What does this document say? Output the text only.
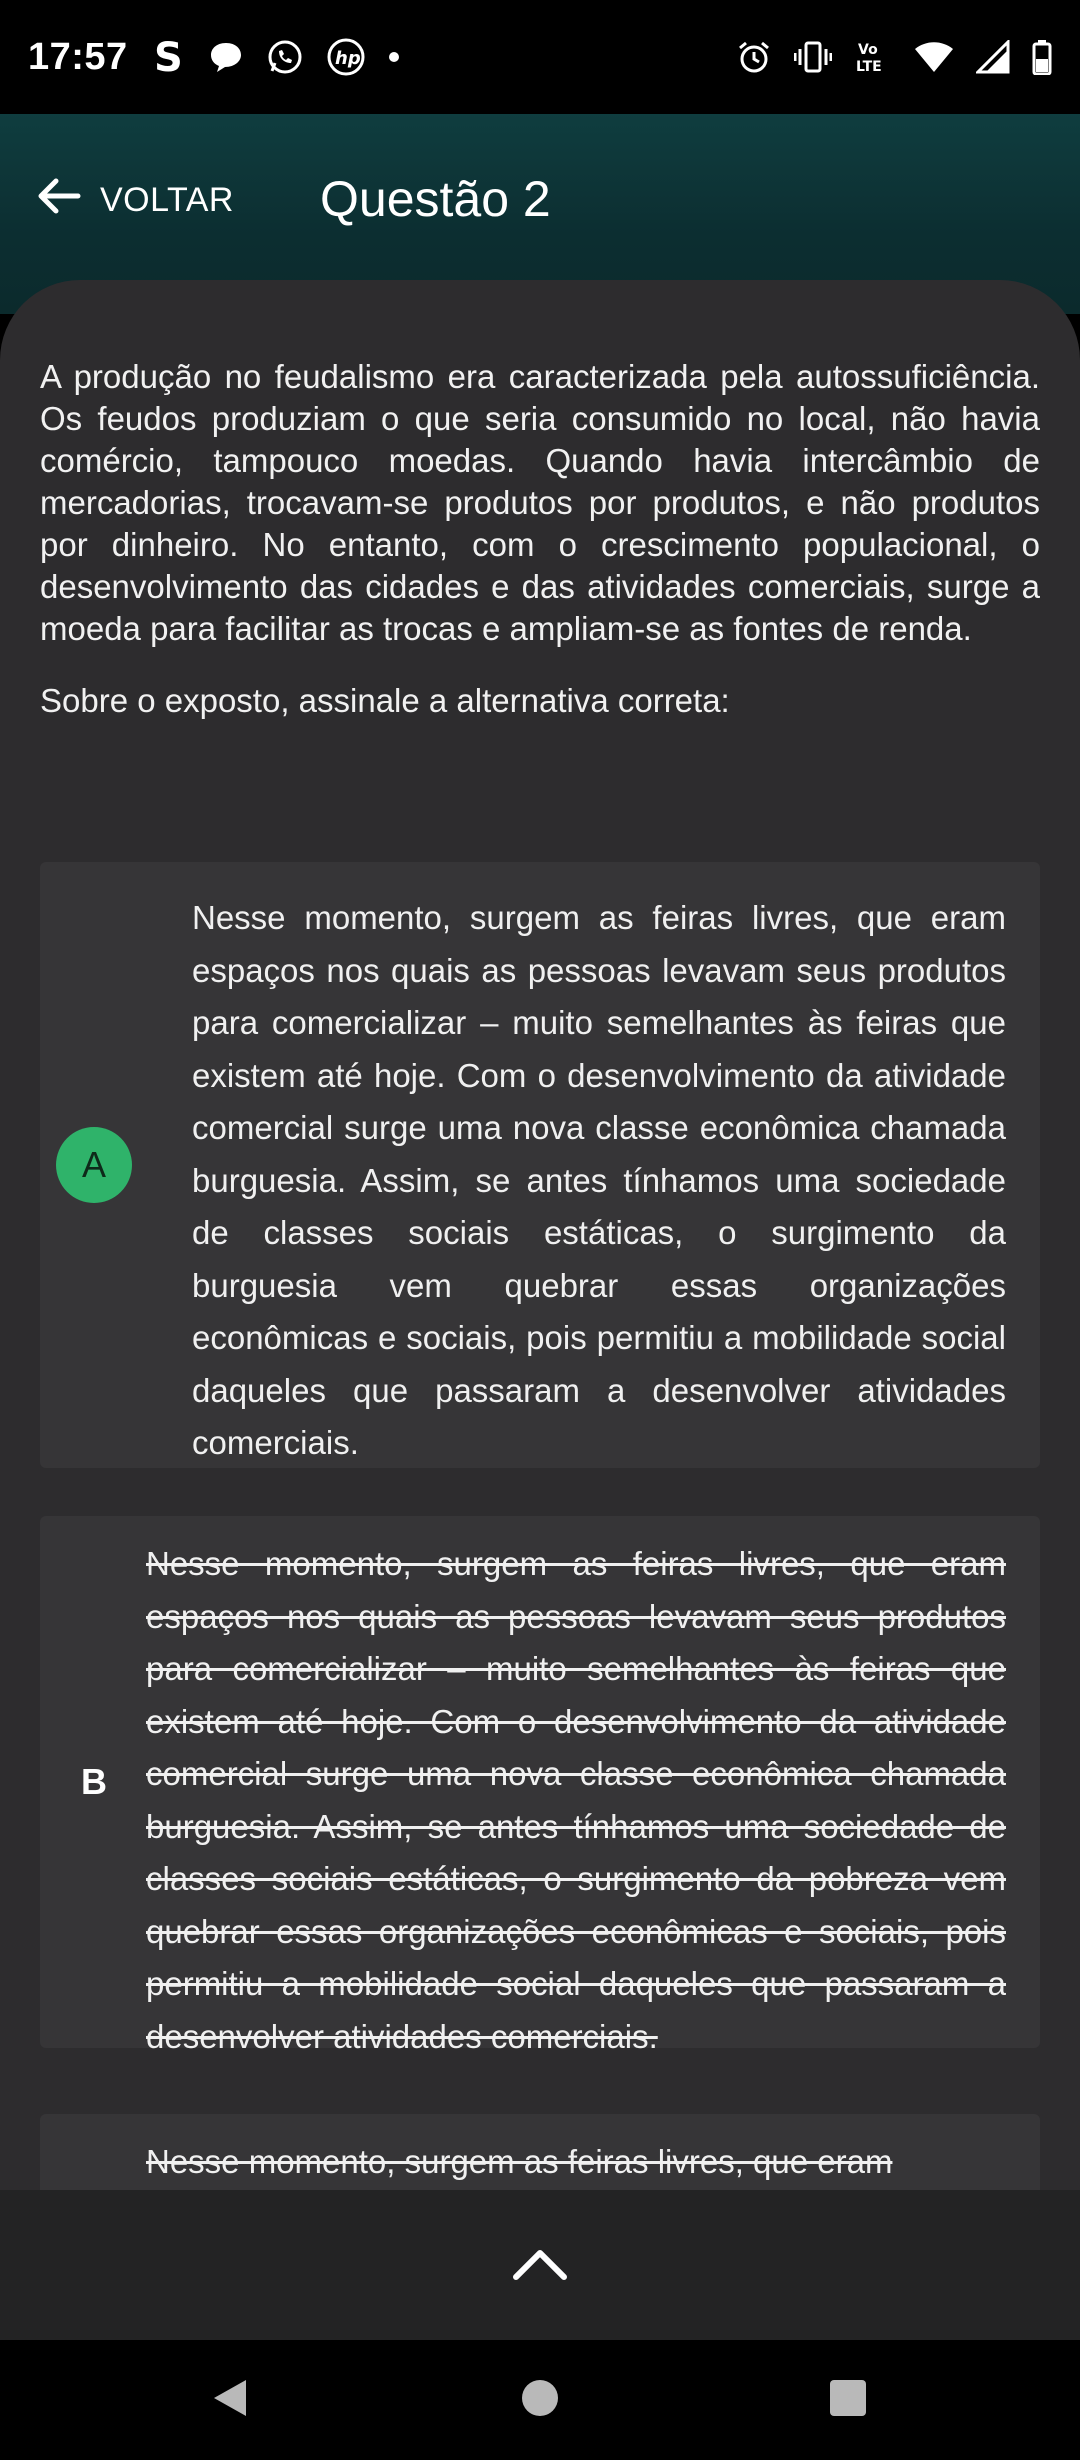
17:57 S	hp	Vo
LTE
VOLTAR Questão 2
A produção no feudalismo era caracterizada pela autossuficiência. Os feudos produziam o que seria consumido no local, não havia comércio, tampouco moedas. Quando havia intercâmbio de mercadorias, trocavam-se produtos por produtos, e não produtos por dinheiro. No entanto, com o crescimento populacional, o desenvolvimento das cidades e das atividades comerciais, surge a moeda para facilitar as trocas e ampliam-se as fontes de renda.
Sobre o exposto, assinale a alternativa correta:
A
Nesse momento, surgem as feiras livres, que eram espaços nos quais as pessoas levavam seus produtos para comercializar – muito semelhantes às feiras que existem até hoje. Com o desenvolvimento da atividade comercial surge uma nova classe econômica chamada burguesia. Assim, se antes tínhamos uma sociedade de classes sociais estáticas, o surgimento da burguesia vem quebrar essas organizações econômicas e sociais, pois permitiu a mobilidade social daqueles que passaram a desenvolver atividades comerciais.
B
Nesse momento, surgem as feiras livres, que eram espaços nos quais as pessoas levavam seus produtos para comercializar – muito semelhantes às feiras que existem até hoje. Com o desenvolvimento da atividade comercial surge uma nova classe econômica chamada burguesia. Assim, se antes tínhamos uma sociedade de classes sociais estáticas, o surgimento da pobreza vem quebrar essas organizações econômicas e sociais, pois permitiu a mobilidade social daqueles que passaram a desenvolver atividades comerciais.
Nesse momento, surgem as feiras livres, que eram
